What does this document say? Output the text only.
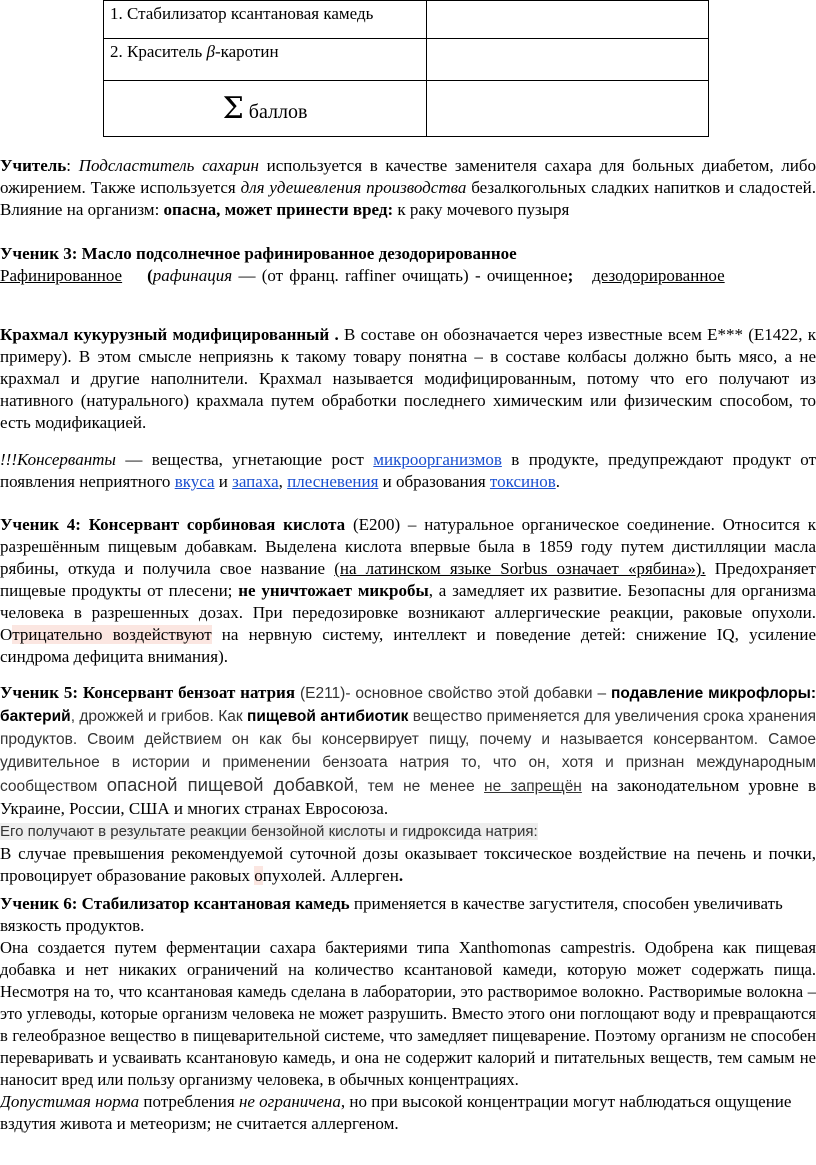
1. Стабилизатор ксантановая камедь	

2. Краситель β-каротин	

Σ баллов	

Учитель: Подсластитель сахарин используется в качестве заменителя сахара для больных диабетом, либо ожирением. Также используется для удешевления производства безалкогольных сладких напитков и сладостей. Влияние на организм: опасна, может принести вред: к раку мочевого пузыря

Ученик 3: Масло подсолнечное рафинированное дезодорированное

Рафинированное (рафинация — (от франц. raffiner очищать) - очищенное; дезодорированное

Крахмал кукурузный модифицированный . В составе он обозначается через известные всем E*** (E1422, к примеру). В этом смысле неприязнь к такому товару понятна – в составе колбасы должно быть мясо, а не крахмал и другие наполнители. Крахмал называется модифицированным, потому что его получают из нативного (натурального) крахмала путем обработки последнего химическим или физическим способом, то есть модификацией.

!!!Консерванты — вещества, угнетающие рост микроорганизмов в продукте, предупреждают продукт от появления неприятного вкуса и запаха, плесневения и образования токсинов.

Ученик 4: Консервант сорбиновая кислота (E200) – натуральное органическое соединение. Относится к разрешённым пищевым добавкам. Выделена кислота впервые была в 1859 году путем дистилляции масла рябины, откуда и получила свое название (на латинском языке Sorbus означает «рябина»). Предохраняет пищевые продукты от плесени; не уничтожает микробы, а замедляет их развитие. Безопасны для организма человека в разрешенных дозах. При передозировке возникают аллергические реакции, раковые опухоли. Отрицательно воздействуют на нервную систему, интеллект и поведение детей: снижение IQ, усиление синдрома дефицита внимания).

Ученик 5: Консервант бензоат натрия (Е211)- основное свойство этой добавки – подавление микрофлоры: бактерий, дрожжей и грибов. Как пищевой антибиотик вещество применяется для увеличения срока хранения продуктов. Своим действием он как бы консервирует пищу, почему и называется консервантом. Самое удивительное в истории и применении бензоата натрия то, что он, хотя и признан международным сообществом опасной пищевой добавкой, тем не менее не запрещён на законодательном уровне в Украине, России, США и многих странах Евросоюза.

Его получают в результате реакции бензойной кислоты и гидроксида натрия:

В случае превышения рекомендуемой суточной дозы оказывает токсическое воздействие на печень и почки, провоцирует образование раковых опухолей. Аллерген.

Ученик 6: Стабилизатор ксантановая камедь применяется в качестве загустителя, способен увеличивать вязкость продуктов.

Она создается путем ферментации сахара бактериями типа Xanthomonas campestris. Одобрена как пищевая добавка и нет никаких ограничений на количество ксантановой камеди, которую может содержать пища. Несмотря на то, что ксантановая камедь сделана в лаборатории, это растворимое волокно. Растворимые волокна – это углеводы, которые организм человека не может разрушить. Вместо этого они поглощают воду и превращаются в гелеобразное вещество в пищеварительной системе, что замедляет пищеварение. Поэтому организм не способен переваривать и усваивать ксантановую камедь, и она не содержит калорий и питательных веществ, тем самым не наносит вред или пользу организму человека, в обычных концентрациях.

Допустимая норма потребления не ограничена, но при высокой концентрации могут наблюдаться ощущение вздутия живота и метеоризм; не считается аллергеном.
